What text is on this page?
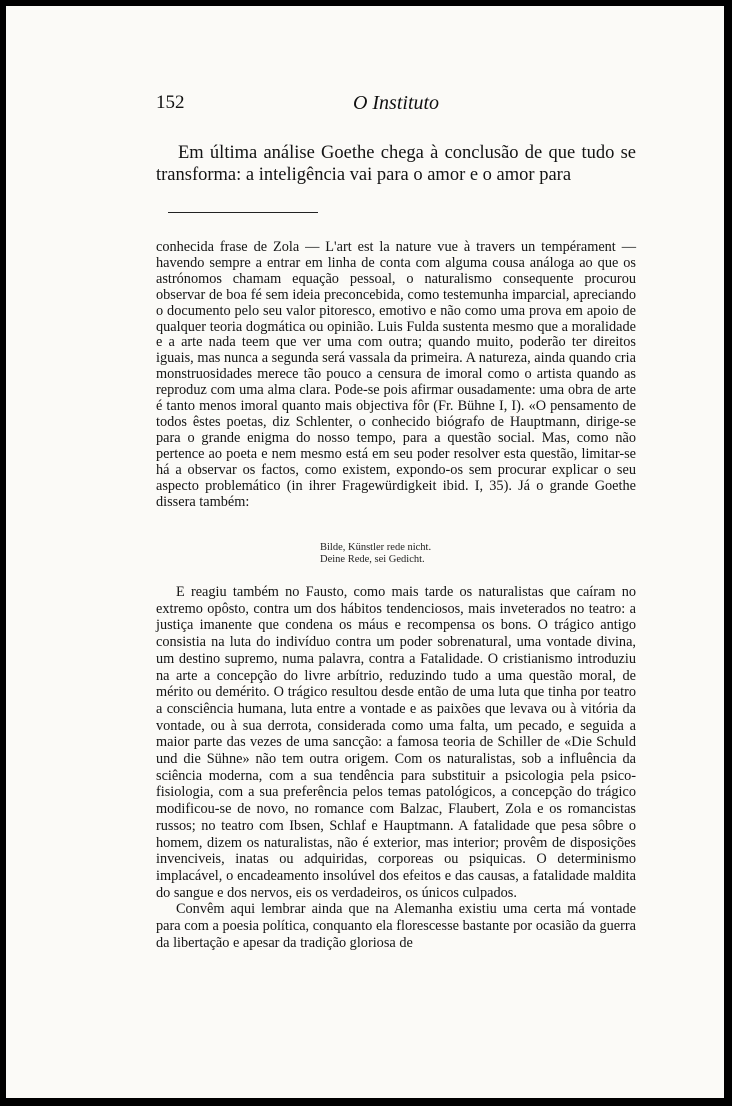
152	O Instituto

Em última análise Goethe chega à conclusão de que tudo se transforma: a inteligência vai para o amor e o amor para

conhecida frase de Zola — L'art est la nature vue à travers un tempérament — havendo sempre a entrar em linha de conta com alguma cousa análoga ao que os astrónomos chamam equação pessoal, o naturalismo consequente procurou observar de boa fé sem ideia preconcebida, como testemunha imparcial, apreciando o documento pelo seu valor pitoresco, emotivo e não como uma prova em apoio de qualquer teoria dogmática ou opinião. Luis Fulda sustenta mesmo que a moralidade e a arte nada teem que ver uma com outra; quando muito, poderão ter direitos iguais, mas nunca a segunda será vassala da primeira. A natureza, ainda quando cria monstruosidades merece tão pouco a censura de imoral como o artista quando as reproduz com uma alma clara. Pode-se pois afirmar ousadamente: uma obra de arte é tanto menos imoral quanto mais objectiva fôr (Fr. Bühne I, I). «O pensamento de todos êstes poetas, diz Schlenter, o conhecido biógrafo de Hauptmann, dirige-se para o grande enigma do nosso tempo, para a questão social. Mas, como não pertence ao poeta e nem mesmo está em seu poder resolver esta questão, limitar-se há a observar os factos, como existem, expondo-os sem procurar explicar o seu aspecto problemático (in ihrer Fragewürdigkeit ibid. I, 35). Já o grande Goethe dissera também:

Bilde, Künstler rede nicht.
Deine Rede, sei Gedicht.

E reagiu também no Fausto, como mais tarde os naturalistas que caíram no extremo opôsto, contra um dos hábitos tendenciosos, mais inveterados no teatro: a justiça imanente que condena os máus e recompensa os bons. O trágico antigo consistia na luta do indivíduo contra um poder sobrenatural, uma vontade divina, um destino supremo, numa palavra, contra a Fatalidade. O cristianismo introduziu na arte a concepção do livre arbítrio, reduzindo tudo a uma questão moral, de mérito ou demérito. O trágico resultou desde então de uma luta que tinha por teatro a consciência humana, luta entre a vontade e as paixões que levava ou à vitória da vontade, ou à sua derrota, considerada como uma falta, um pecado, e seguida a maior parte das vezes de uma sancção: a famosa teoria de Schiller de «Die Schuld und die Sühne» não tem outra origem. Com os naturalistas, sob a influência da sciência moderna, com a sua tendência para substituir a psicologia pela psico-fisiologia, com a sua preferência pelos temas patológicos, a concepção do trágico modificou-se de novo, no romance com Balzac, Flaubert, Zola e os romancistas russos; no teatro com Ibsen, Schlaf e Hauptmann. A fatalidade que pesa sôbre o homem, dizem os naturalistas, não é exterior, mas interior; provêm de disposições invenciveis, inatas ou adquiridas, corporeas ou psiquicas. O determinismo implacável, o encadeamento insolúvel dos efeitos e das causas, a fatalidade maldita do sangue e dos nervos, eis os verdadeiros, os únicos culpados.

Convêm aqui lembrar ainda que na Alemanha existiu uma certa má vontade para com a poesia política, conquanto ela florescesse bastante por ocasião da guerra da libertação e apesar da tradição gloriosa de
